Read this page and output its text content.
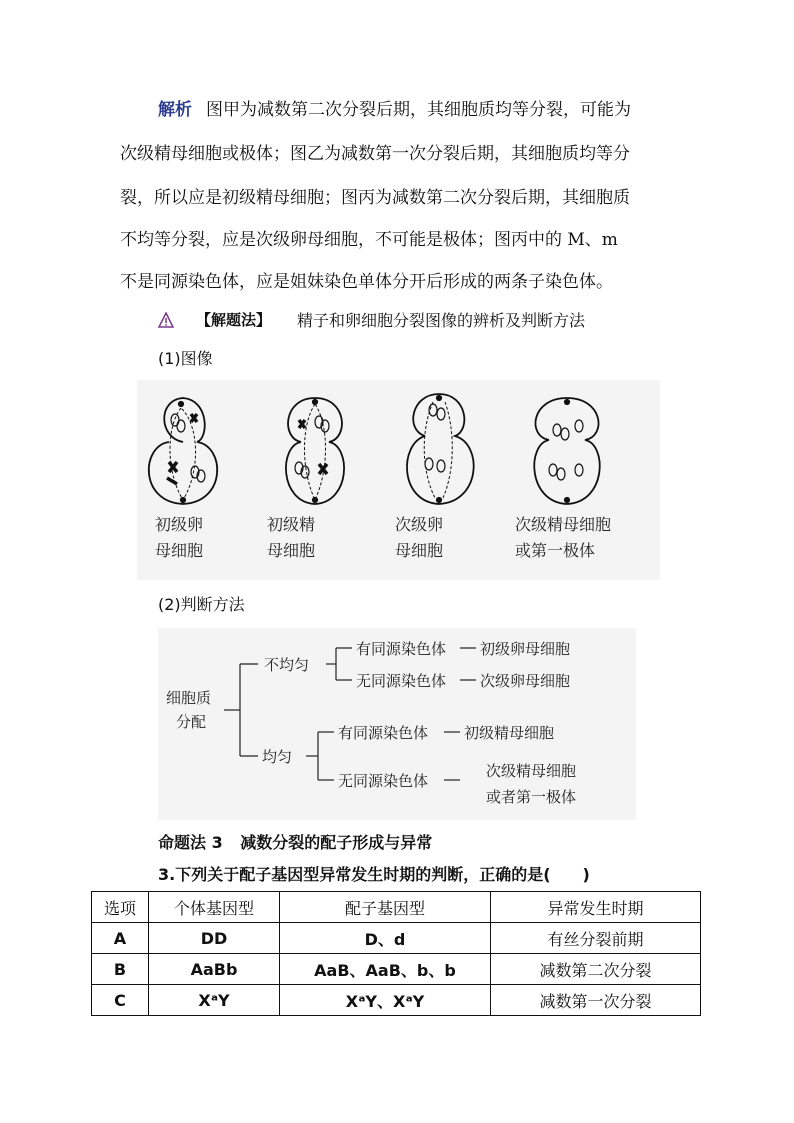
解析 图甲为减数第二次分裂后期，其细胞质均等分裂，可能为

次级精母细胞或极体；图乙为减数第一次分裂后期，其细胞质均等分

裂，所以应是初级精母细胞；图丙为减数第二次分裂后期，其细胞质

不均等分裂，应是次级卵母细胞，不可能是极体；图丙中的 M、m

不是同源染色体，应是姐妹染色单体分开后形成的两条子染色体。

【解题法】 精子和卵细胞分裂图像的辨析及判断方法
(1)图像
初级卵
母细胞
初级精
母细胞
次级卵
母细胞
次级精母细胞
或第一极体
(2)判断方法
细胞质
分配
不均匀
均匀
有同源染色体 初级卵母细胞
无同源染色体 次级卵母细胞
有同源染色体 初级精母细胞
无同源染色体
次级精母细胞
或者第一极体
命题法 3 减数分裂的配子形成与异常
3.下列关于配子基因型异常发生时期的判断，正确的是(　　)
选项	个体基因型	配子基因型	异常发生时期
A	DD	D、d	有丝分裂前期
B	AaBb	AaB、AaB、b、b	减数第二次分裂
C	XᵃY	XᵃY、XᵃY	减数第一次分裂
